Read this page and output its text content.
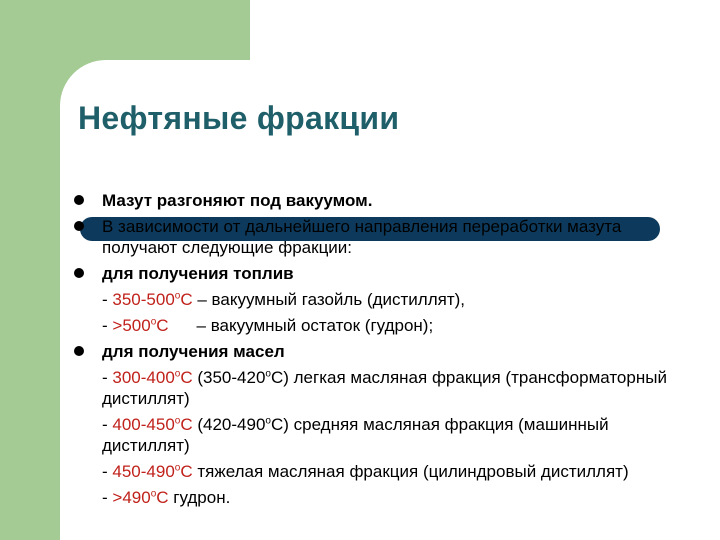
Нефтяные фракции
Мазут разгоняют под вакуумом.
В зависимости от дальнейшего направления переработки мазута получают следующие фракции:
для получения топлив
- $350-500^оС$ – вакуумный газойль (дистиллят),
- $>500^оС$ – вакуумный остаток (гудрон);
для получения масел
- $300-400^оС$ $(350-420^оС)$ легкая масляная фракция (трансформаторный дистиллят)
- $400-450^оС$ $(420-490^оС)$ средняя масляная фракция (машинный дистиллят)
- $450-490^оС$ тяжелая масляная фракция (цилиндровый дистиллят)
- $>490^оС$ гудрон.
